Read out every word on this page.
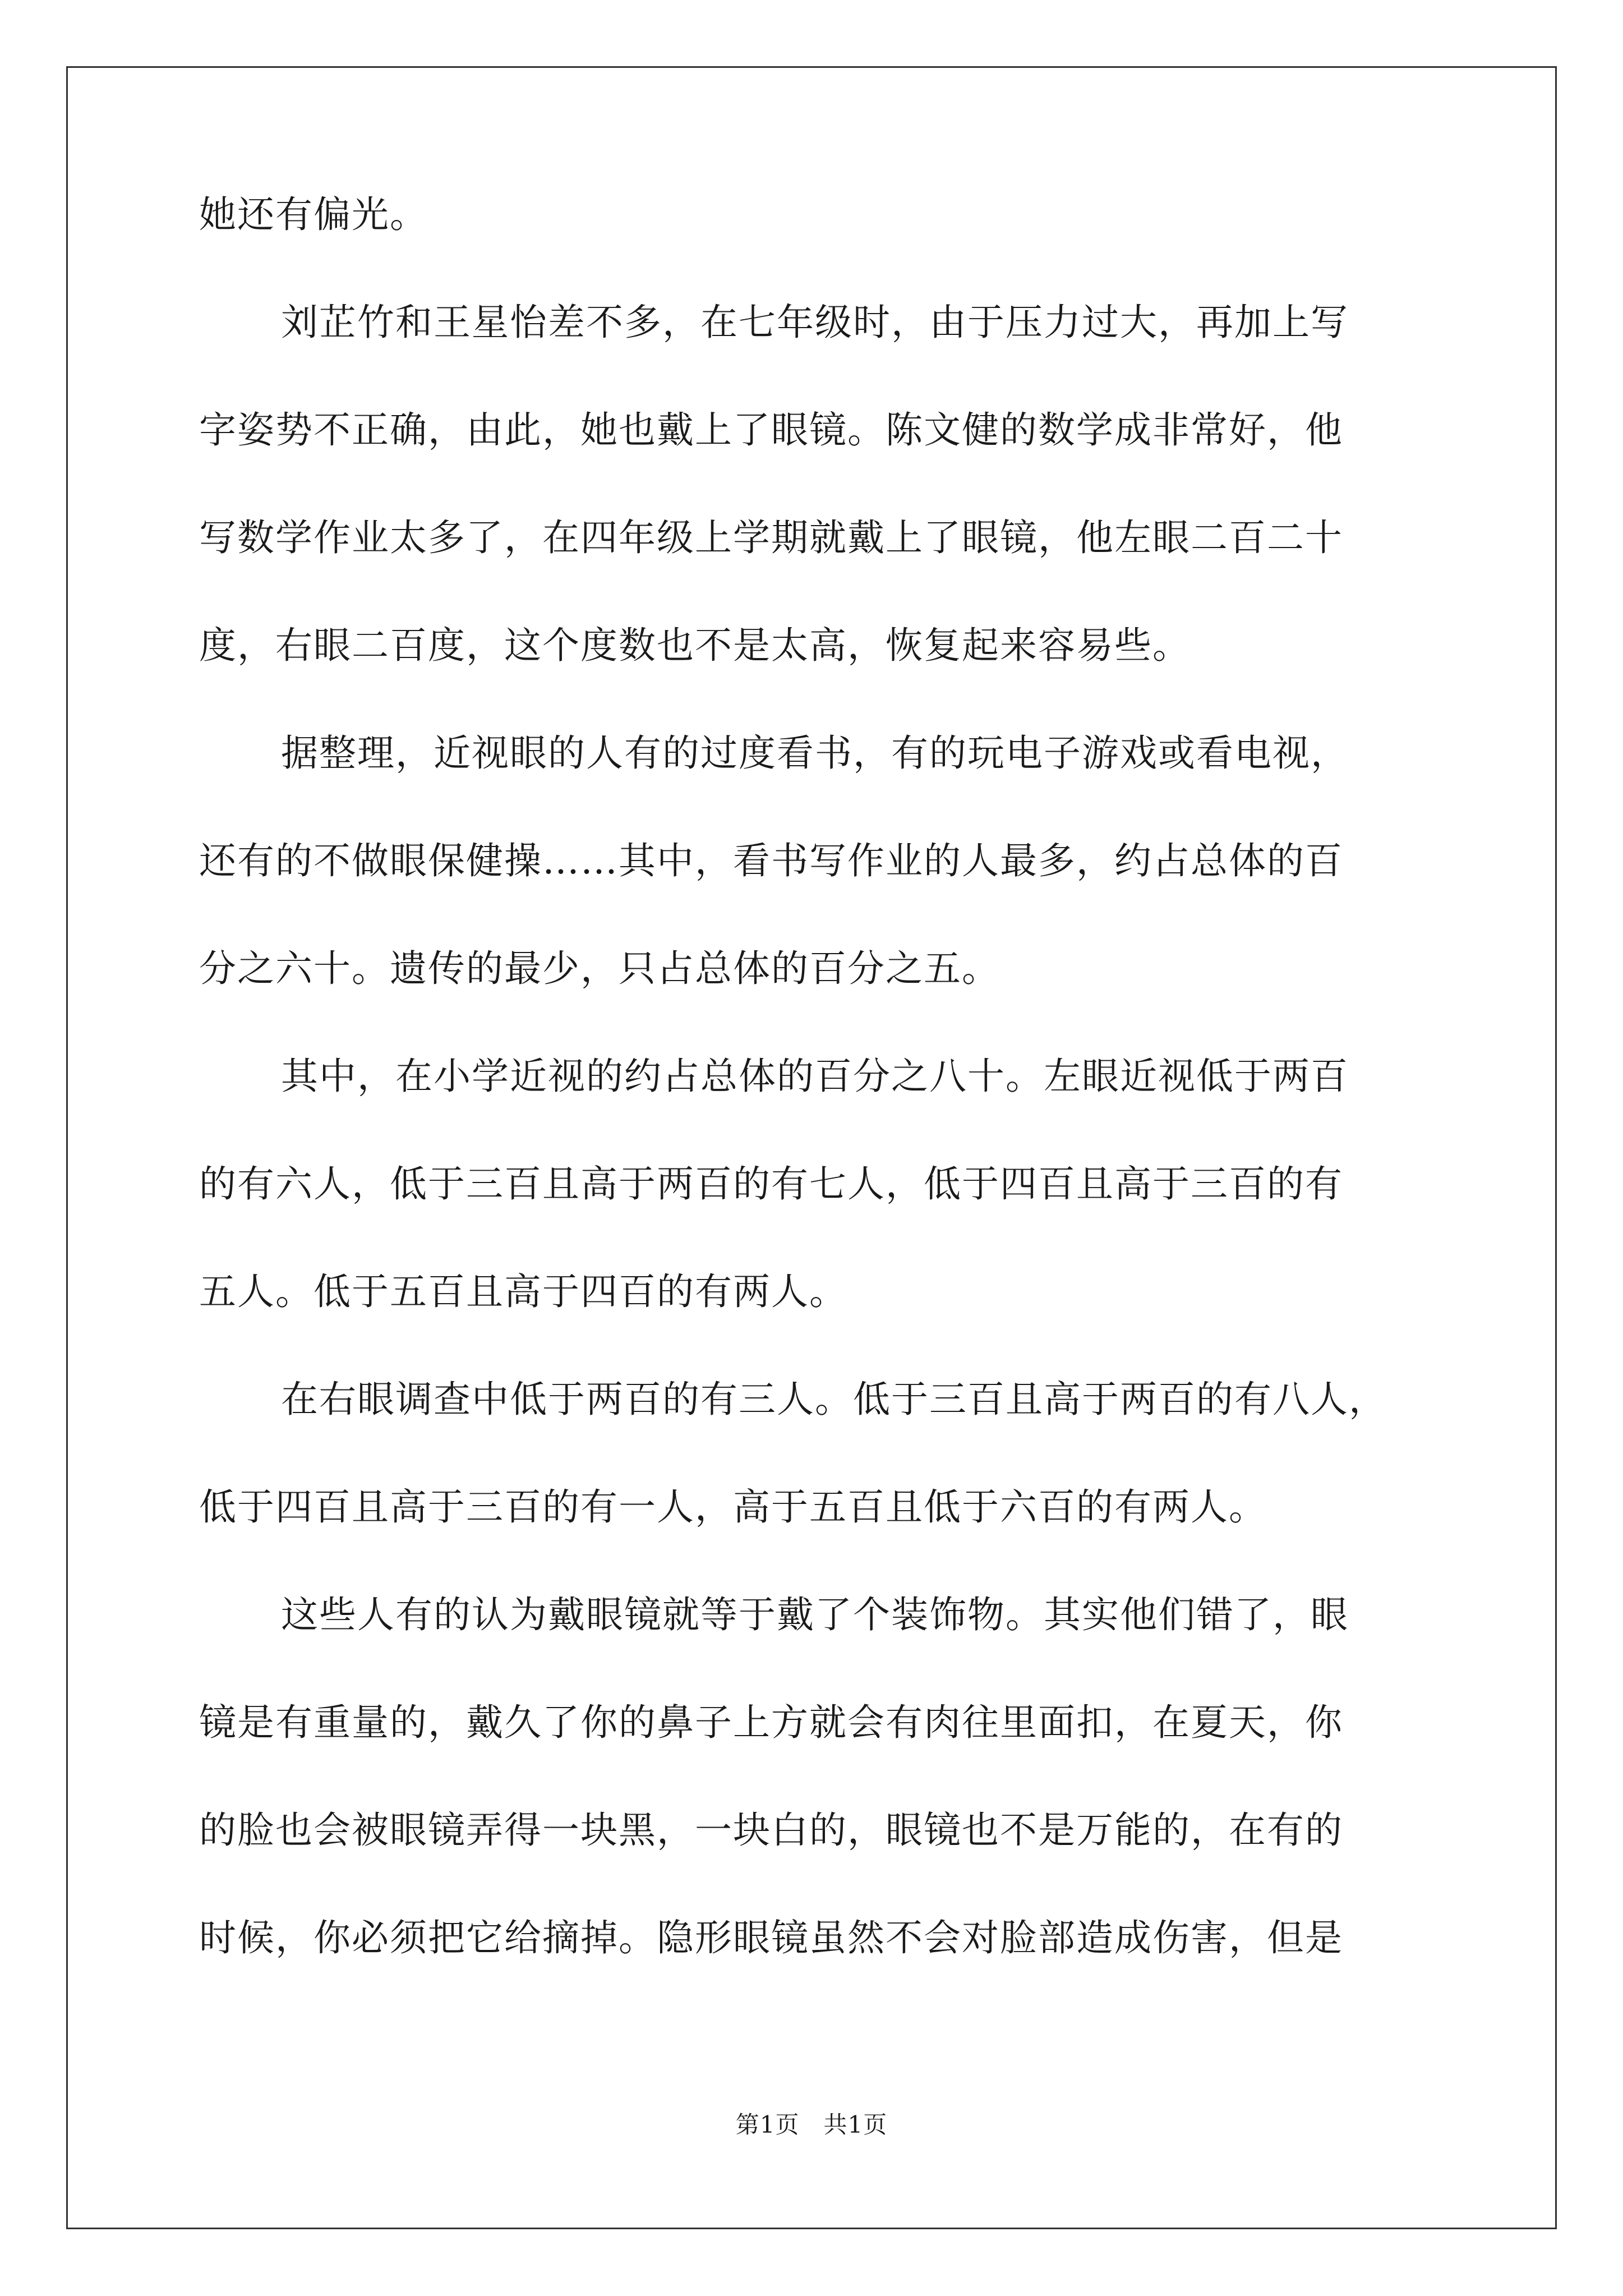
她还有偏光。
刘芷竹和王星怡差不多，在七年级时，由于压力过大，再加上写
字姿势不正确，由此，她也戴上了眼镜。陈文健的数学成非常好，他
写数学作业太多了，在四年级上学期就戴上了眼镜，他左眼二百二十
度，右眼二百度，这个度数也不是太高，恢复起来容易些。
据整理，近视眼的人有的过度看书，有的玩电子游戏或看电视，
还有的不做眼保健操……其中，看书写作业的人最多，约占总体的百
分之六十。遗传的最少，只占总体的百分之五。
其中，在小学近视的约占总体的百分之八十。左眼近视低于两百
的有六人，低于三百且高于两百的有七人，低于四百且高于三百的有
五人。低于五百且高于四百的有两人。
在右眼调查中低于两百的有三人。低于三百且高于两百的有八人，
低于四百且高于三百的有一人，高于五百且低于六百的有两人。
这些人有的认为戴眼镜就等于戴了个装饰物。其实他们错了，眼
镜是有重量的，戴久了你的鼻子上方就会有肉往里面扣，在夏天，你
的脸也会被眼镜弄得一块黑，一块白的，眼镜也不是万能的，在有的
时候，你必须把它给摘掉。隐形眼镜虽然不会对脸部造成伤害，但是
第1页　共1页
